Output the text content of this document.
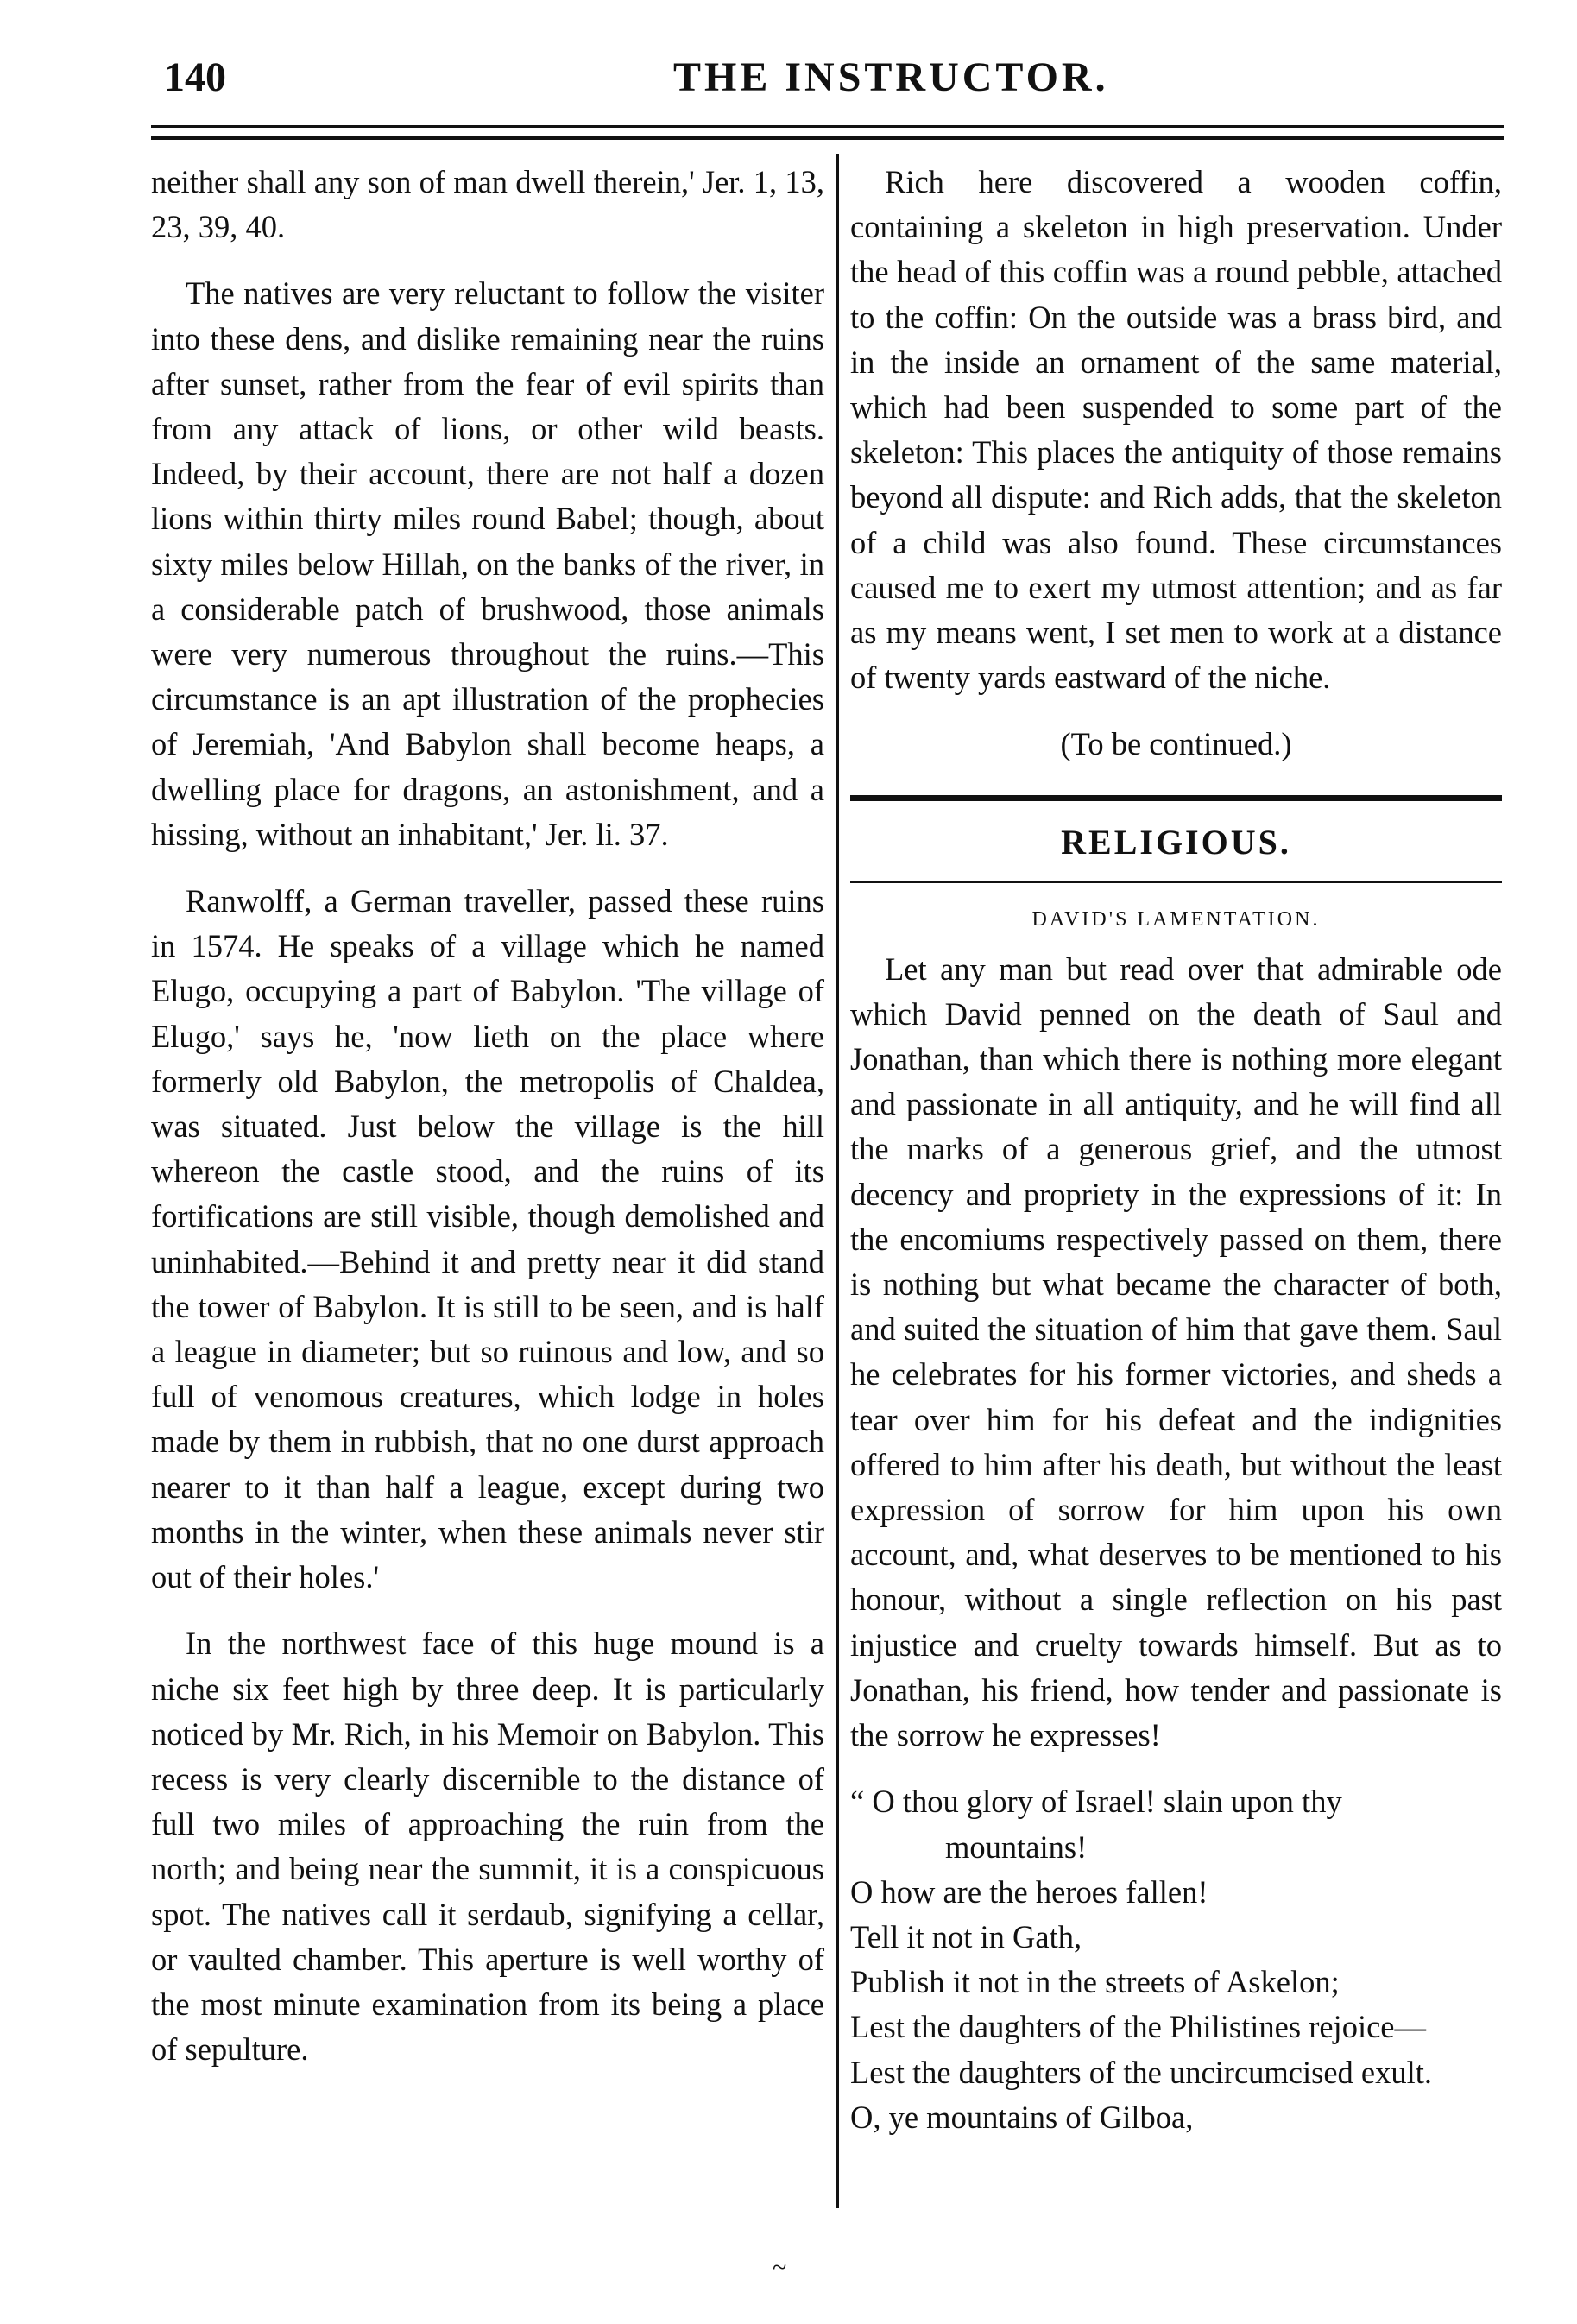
140	THE INSTRUCTOR.

neither shall any son of man dwell therein,' Jer. 1, 13, 23, 39, 40.

The natives are very reluctant to follow the visiter into these dens, and dislike remaining near the ruins after sunset, rather from the fear of evil spirits than from any attack of lions, or other wild beasts. Indeed, by their account, there are not half a dozen lions within thirty miles round Babel; though, about sixty miles below Hillah, on the banks of the river, in a considerable patch of brushwood, those animals were very numerous throughout the ruins.—This circumstance is an apt illustration of the prophecies of Jeremiah, 'And Babylon shall become heaps, a dwelling place for dragons, an astonishment, and a hissing, without an inhabitant,' Jer. li. 37.

Ranwolff, a German traveller, passed these ruins in 1574. He speaks of a village which he named Elugo, occupying a part of Babylon. 'The village of Elugo,' says he, 'now lieth on the place where formerly old Babylon, the metropolis of Chaldea, was situated. Just below the village is the hill whereon the castle stood, and the ruins of its fortifications are still visible, though demolished and uninhabited.—Behind it and pretty near it did stand the tower of Babylon. It is still to be seen, and is half a league in diameter; but so ruinous and low, and so full of venomous creatures, which lodge in holes made by them in rubbish, that no one durst approach nearer to it than half a league, except during two months in the winter, when these animals never stir out of their holes.'

In the northwest face of this huge mound is a niche six feet high by three deep. It is particularly noticed by Mr. Rich, in his Memoir on Babylon. This recess is very clearly discernible to the distance of full two miles of approaching the ruin from the north; and being near the summit, it is a conspicuous spot. The natives call it serdaub, signifying a cellar, or vaulted chamber. This aperture is well worthy of the most minute examination from its being a place of sepulture.

Rich here discovered a wooden coffin, containing a skeleton in high preservation. Under the head of this coffin was a round pebble, attached to the coffin: On the outside was a brass bird, and in the inside an ornament of the same material, which had been suspended to some part of the skeleton: This places the antiquity of those remains beyond all dispute: and Rich adds, that the skeleton of a child was also found. These circumstances caused me to exert my utmost attention; and as far as my means went, I set men to work at a distance of twenty yards eastward of the niche.

(To be continued.)

RELIGIOUS.

DAVID'S LAMENTATION.

Let any man but read over that admirable ode which David penned on the death of Saul and Jonathan, than which there is nothing more elegant and passionate in all antiquity, and he will find all the marks of a generous grief, and the utmost decency and propriety in the expressions of it: In the encomiums respectively passed on them, there is nothing but what became the character of both, and suited the situation of him that gave them. Saul he celebrates for his former victories, and sheds a tear over him for his defeat and the indignities offered to him after his death, but without the least expression of sorrow for him upon his own account, and, what deserves to be mentioned to his honour, without a single reflection on his past injustice and cruelty towards himself. But as to Jonathan, his friend, how tender and passionate is the sorrow he expresses!

“ O thou glory of Israel! slain upon thy

mountains!

O how are the heroes fallen!

Tell it not in Gath,

Publish it not in the streets of Askelon;

Lest the daughters of the Philistines rejoice—

Lest the daughters of the uncircumcised exult.

O, ye mountains of Gilboa,

~
